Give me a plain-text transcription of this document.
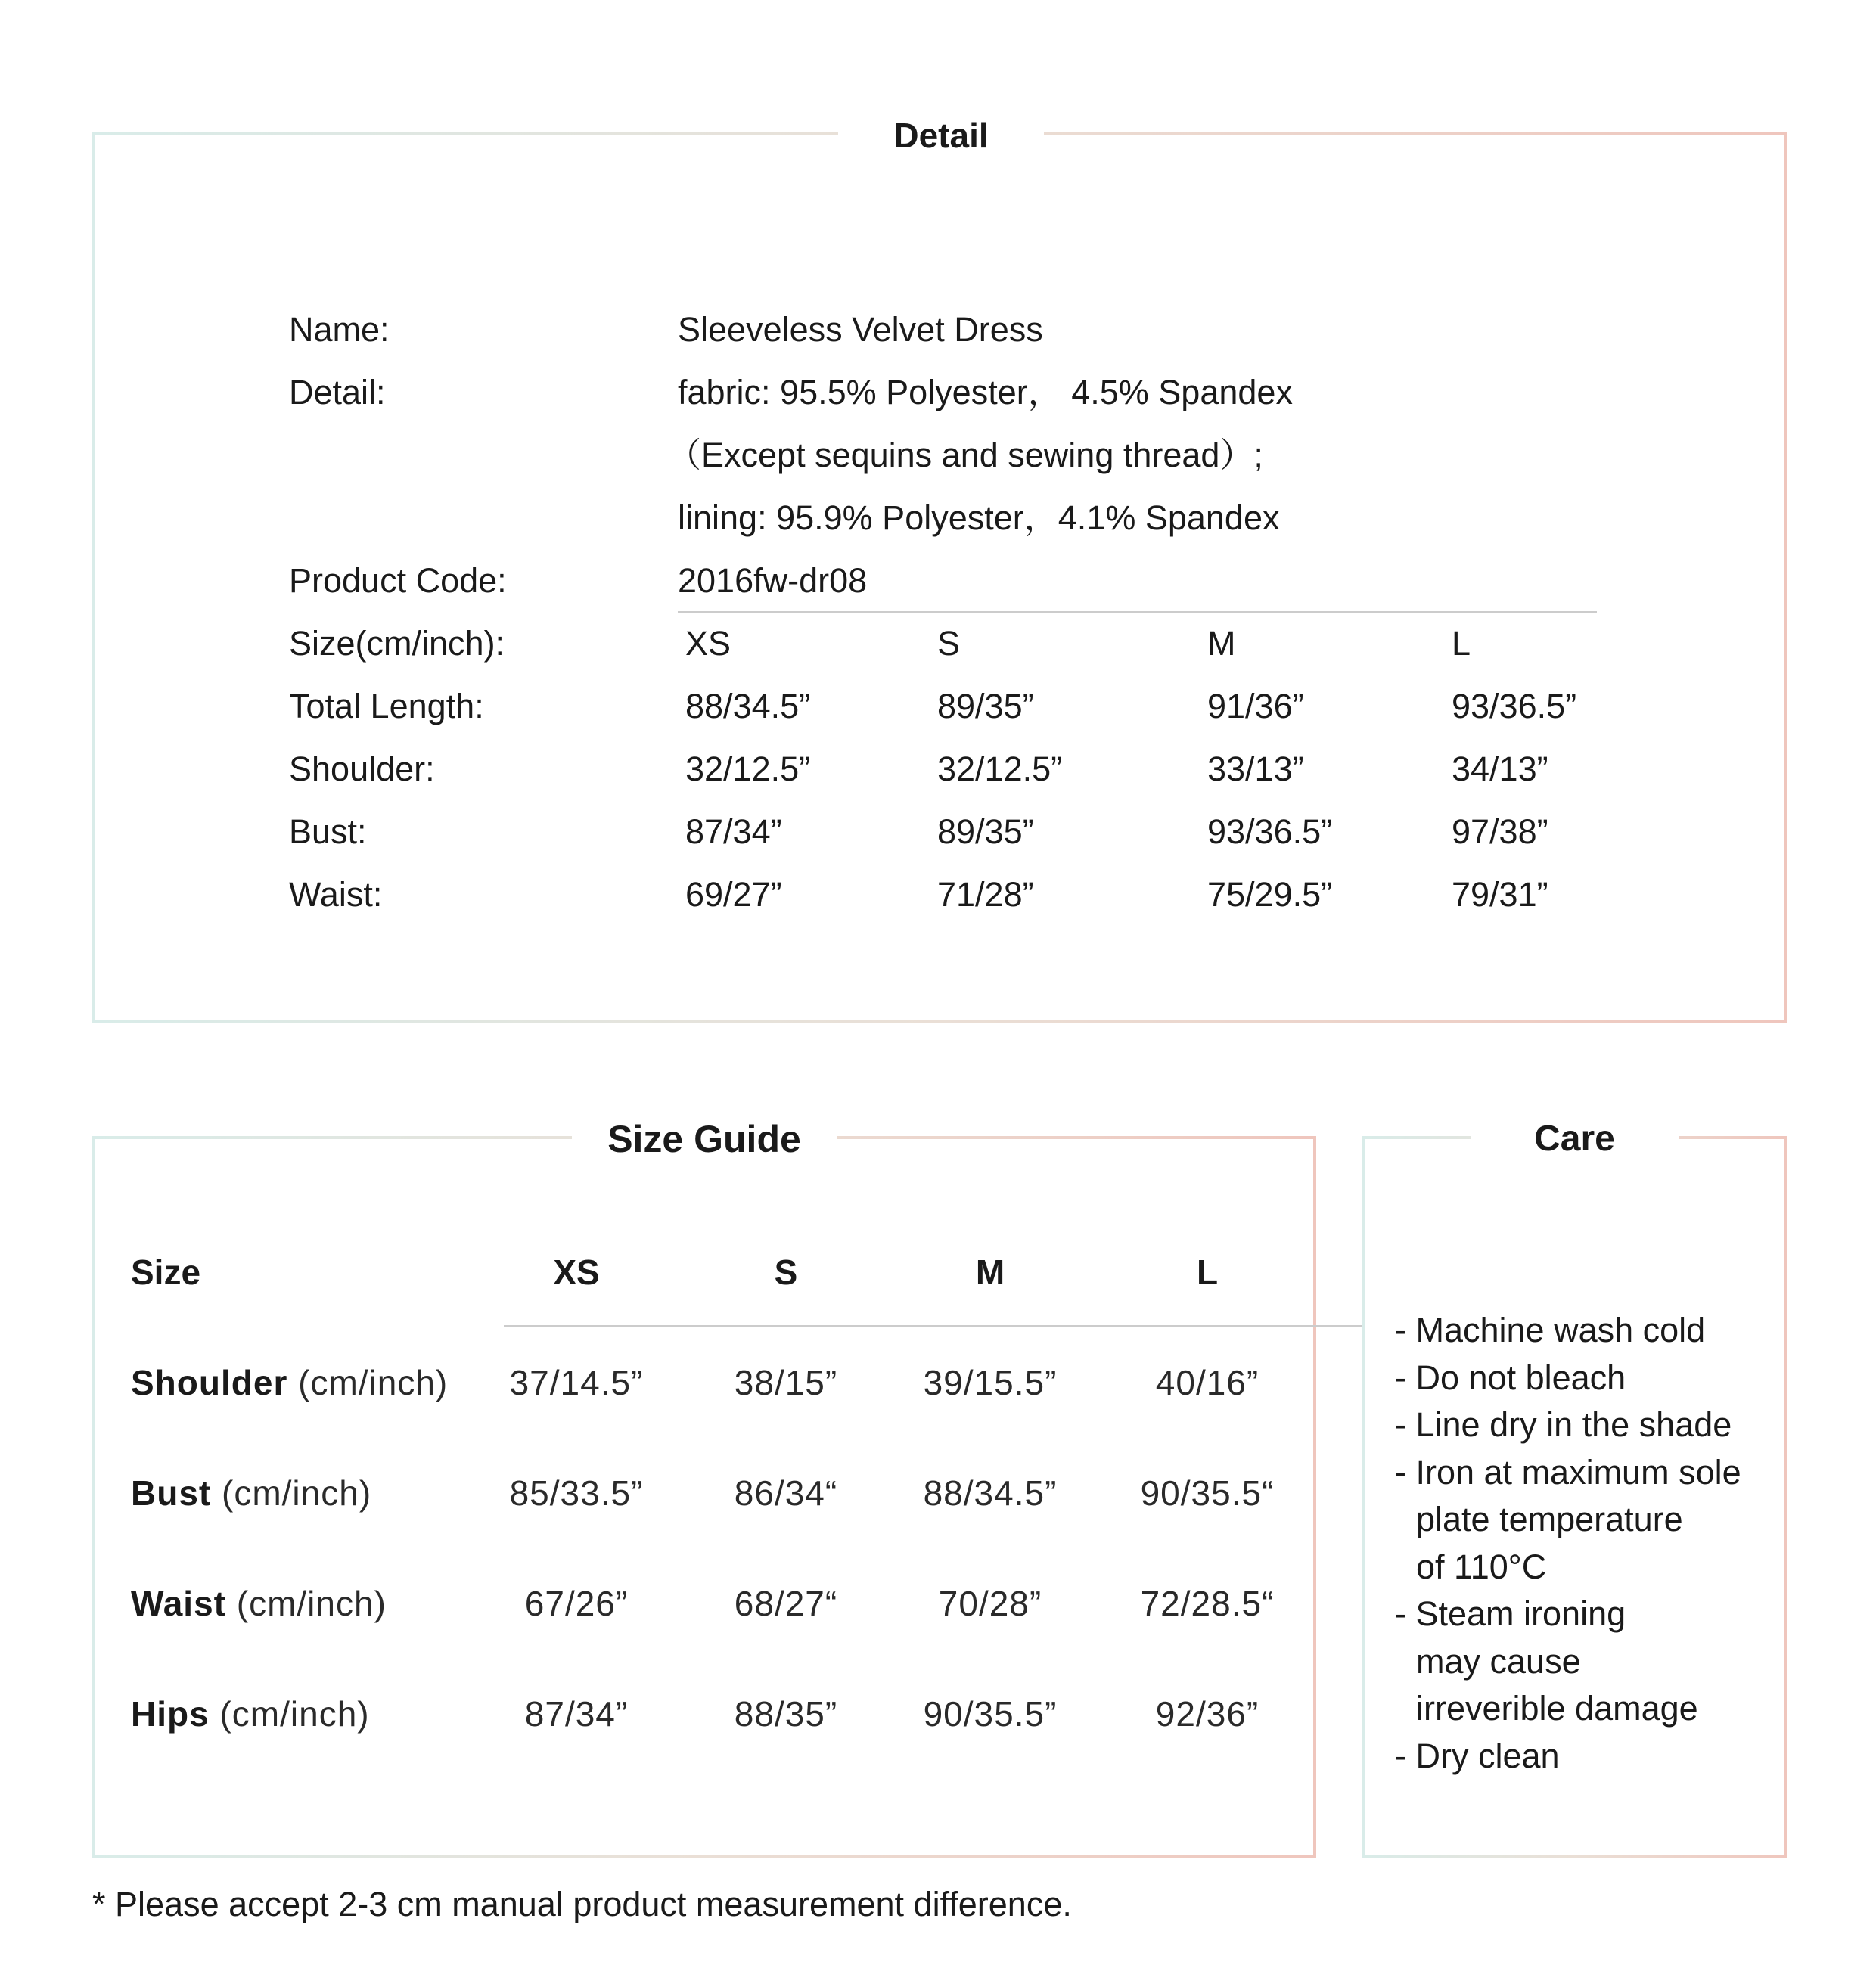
Detail
Name:	Sleeveless Velvet Dress
Detail:	fabric: 95.5% Polyester， 4.5% Spandex
（Except sequins and sewing thread）;
lining: 95.9% Polyester，4.1% Spandex
Product Code:	2016fw-dr08
Size(cm/inch):	XS	S	M	L
Total Length:	88/34.5”	89/35”	91/36”	93/36.5”
Shoulder:	32/12.5”	32/12.5”	33/13”	34/13”
Bust:	87/34”	89/35”	93/36.5”	97/38”
Waist:	69/27”	71/28”	75/29.5”	79/31”
Size Guide
Size	XS	S	M	L
Shoulder (cm/inch) 37/14.5”	38/15” 39/15.5”	40/16”
Bust (cm/inch)	85/33.5”	86/34“ 88/34.5” 90/35.5“
Waist (cm/inch)	67/26”	68/27“	70/28”	72/28.5“
Hips (cm/inch)	87/34”	88/35” 90/35.5”	92/36”
Care
- Machine wash cold
- Do not bleach
- Line dry in the shade
- Iron at maximum sole
plate temperature
of 110°C
- Steam ironing
may cause
irreverible damage
- Dry clean
* Please accept 2-3 cm manual product measurement difference.
